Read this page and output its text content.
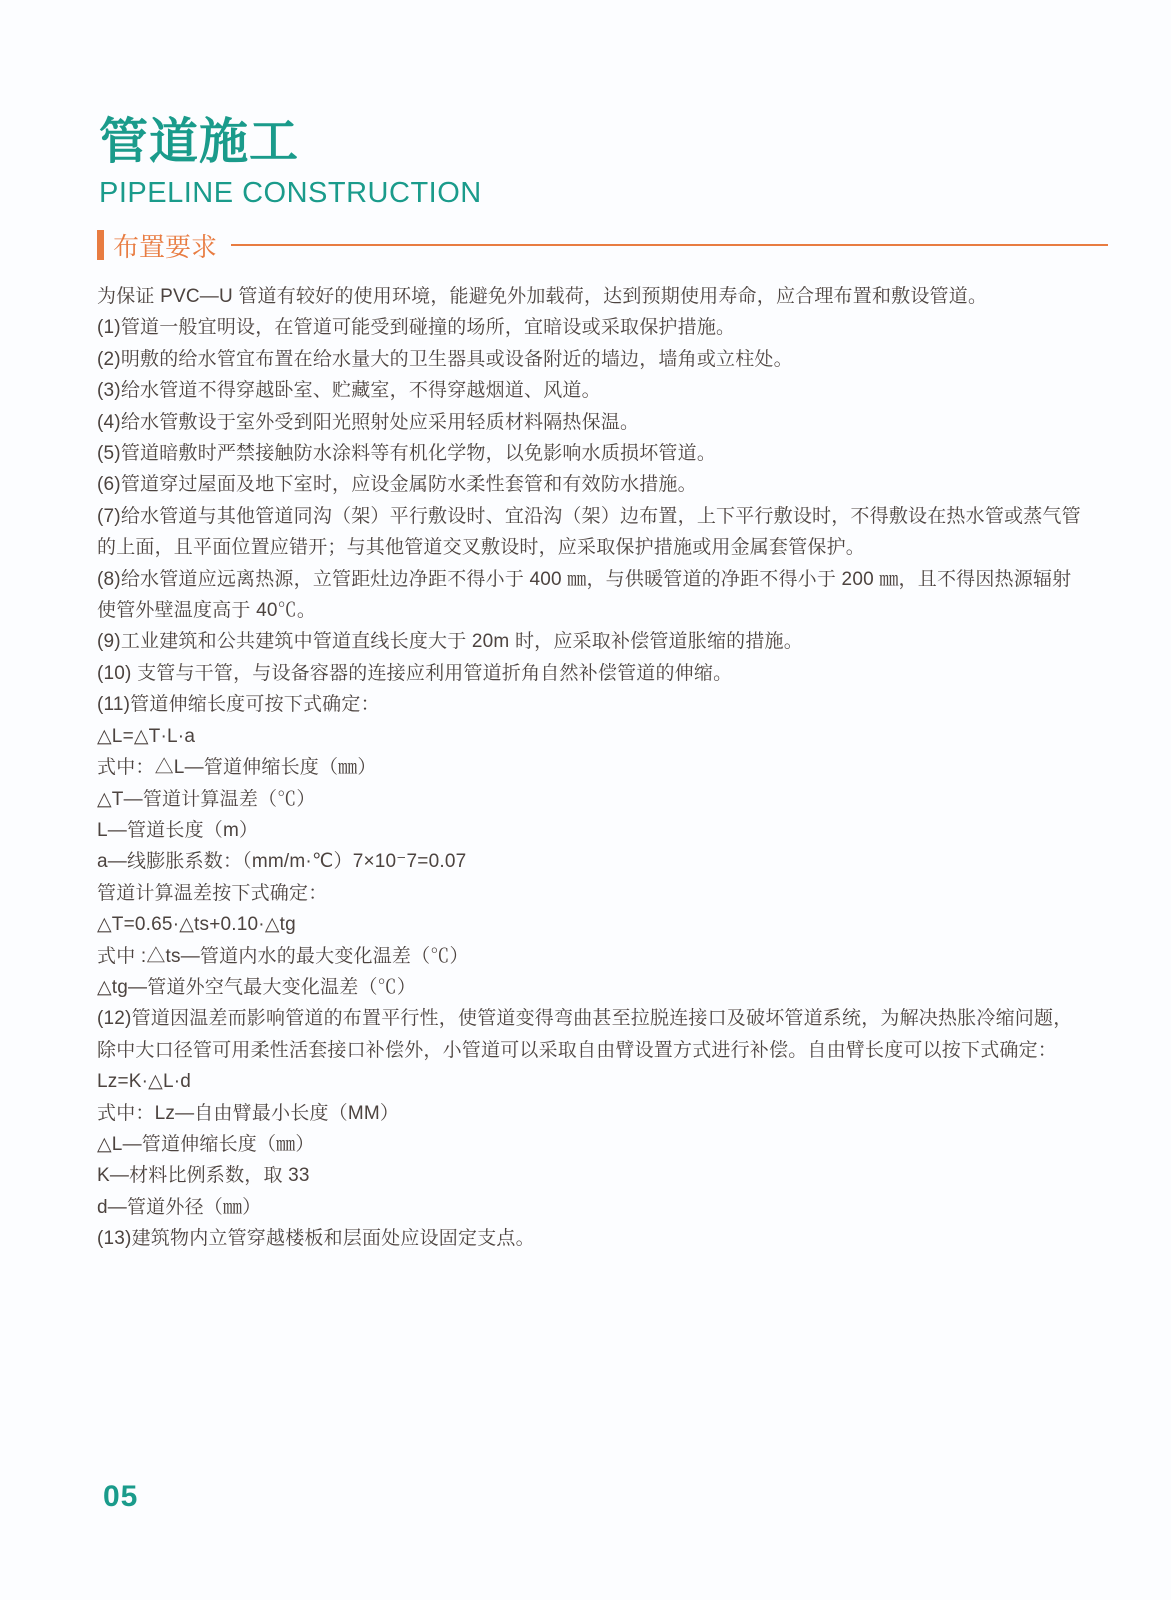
管道施工
PIPELINE CONSTRUCTION
布置要求

为保证 PVC—U 管道有较好的使用环境，能避免外加载荷，达到预期使用寿命，应合理布置和敷设管道。

(1)管道一般宜明设，在管道可能受到碰撞的场所，宜暗设或采取保护措施。

(2)明敷的给水管宜布置在给水量大的卫生器具或设备附近的墙边，墙角或立柱处。

(3)给水管道不得穿越卧室、贮藏室，不得穿越烟道、风道。

(4)给水管敷设于室外受到阳光照射处应采用轻质材料隔热保温。

(5)管道暗敷时严禁接触防水涂料等有机化学物，以免影响水质损坏管道。

(6)管道穿过屋面及地下室时，应设金属防水柔性套管和有效防水措施。

(7)给水管道与其他管道同沟（架）平行敷设时、宜沿沟（架）边布置，上下平行敷设时，不得敷设在热水管或蒸气管的上面，且平面位置应错开；与其他管道交叉敷设时，应采取保护措施或用金属套管保护。

(8)给水管道应远离热源，立管距灶边净距不得小于 400 ㎜，与供暖管道的净距不得小于 200 ㎜，且不得因热源辐射使管外壁温度高于 40℃。

(9)工业建筑和公共建筑中管道直线长度大于 20m 时，应采取补偿管道胀缩的措施。

(10) 支管与干管，与设备容器的连接应利用管道折角自然补偿管道的伸缩。

(11)管道伸缩长度可按下式确定：

△L=△T·L·a

式中：△L—管道伸缩长度（㎜）

△T—管道计算温差（℃）

L—管道长度（m）

a—线膨胀系数：（mm/m·℃）7×10⁻7=0.07

管道计算温差按下式确定：

△T=0.65·△ts+0.10·△tg

式中 :△ts—管道内水的最大变化温差（℃）

△tg—管道外空气最大变化温差（℃）

(12)管道因温差而影响管道的布置平行性，使管道变得弯曲甚至拉脱连接口及破坏管道系统，为解决热胀冷缩问题，除中大口径管可用柔性活套接口补偿外，小管道可以采取自由臂设置方式进行补偿。自由臂长度可以按下式确定：

Lz=K·△L·d

式中：Lz—自由臂最小长度（MM）

△L—管道伸缩长度（㎜）

K—材料比例系数，取 33

d—管道外径（㎜）

(13)建筑物内立管穿越楼板和层面处应设固定支点。

05
